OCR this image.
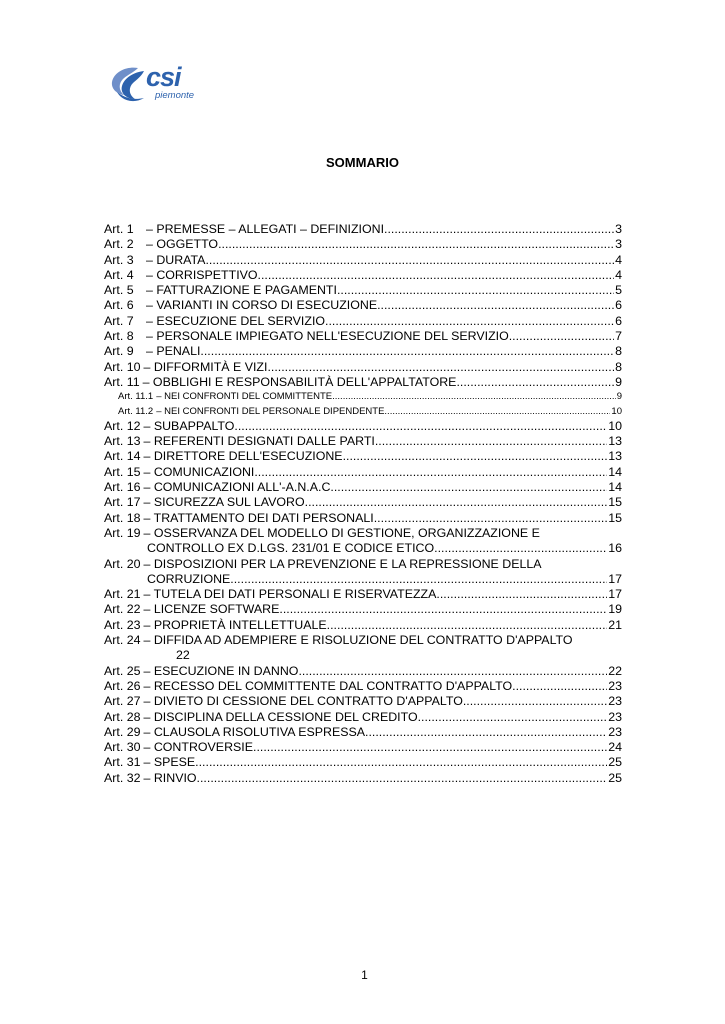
csi
piemonte
SOMMARIO
Art. 1 – PREMESSE – ALLEGATI – DEFINIZIONI .....	3
Art. 2 – OGGETTO .....	3
Art. 3 – DURATA .....	4
Art. 4 – CORRISPETTIVO .....	4
Art. 5 – FATTURAZIONE E PAGAMENTI .....	5
Art. 6 – VARIANTI IN CORSO DI ESECUZIONE .....	6
Art. 7 – ESECUZIONE DEL SERVIZIO .....	6
Art. 8 – PERSONALE IMPIEGATO NELL'ESECUZIONE DEL SERVIZIO .....	7
Art. 9 – PENALI .....	8
Art. 10 – DIFFORMITÀ E VIZI .....	8
Art. 11 – OBBLIGHI E RESPONSABILITÀ DELL'APPALTATORE .....	9
Art. 11.1 – NEI CONFRONTI DEL COMMITTENTE .....	9
Art. 11.2 – NEI CONFRONTI DEL PERSONALE DIPENDENTE .....	10
Art. 12 – SUBAPPALTO .....	10
Art. 13 – REFERENTI DESIGNATI DALLE PARTI .....	13
Art. 14 – DIRETTORE DELL'ESECUZIONE .....	13
Art. 15 – COMUNICAZIONI .....	14
Art. 16 – COMUNICAZIONI ALL'-A.N.A.C. .....	14
Art. 17 – SICUREZZA SUL LAVORO .....	15
Art. 18 – TRATTAMENTO DEI DATI PERSONALI .....	15
Art. 19 – OSSERVANZA DEL MODELLO DI GESTIONE, ORGANIZZAZIONE E
CONTROLLO EX D.LGS. 231/01 E CODICE ETICO .....	16
Art. 20 – DISPOSIZIONI PER LA PREVENZIONE E LA REPRESSIONE DELLA
CORRUZIONE .....	17
Art. 21 – TUTELA DEI DATI PERSONALI E RISERVATEZZA .....	17
Art. 22 – LICENZE SOFTWARE .....	19
Art. 23 – PROPRIETÀ INTELLETTUALE .....	21
Art. 24 – DIFFIDA AD ADEMPIERE E RISOLUZIONE DEL CONTRATTO D'APPALTO
22
Art. 25 – ESECUZIONE IN DANNO .....	22
Art. 26 – RECESSO DEL COMMITTENTE DAL CONTRATTO D'APPALTO .....	23
Art. 27 – DIVIETO DI CESSIONE DEL CONTRATTO D'APPALTO .....	23
Art. 28 – DISCIPLINA DELLA CESSIONE DEL CREDITO .....	23
Art. 29 – CLAUSOLA RISOLUTIVA ESPRESSA .....	23
Art. 30 – CONTROVERSIE .....	24
Art. 31 – SPESE .....	25
Art. 32 – RINVIO .....	25
1
